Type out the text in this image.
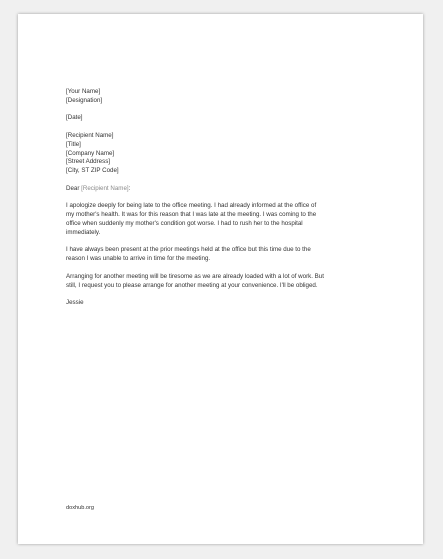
[Your Name]
[Designation]
[Date]
[Recipient Name]
[Title]
[Company Name]
[Street Address]
[City, ST ZIP Code]
Dear [Recipient Name]:
I apologize deeply for being late to the office meeting. I had already informed at the office of
my mother's health. It was for this reason that I was late at the meeting. I was coming to the
office when suddenly my mother's condition got worse. I had to rush her to the hospital
immediately.
I have always been present at the prior meetings held at the office but this time due to the
reason I was unable to arrive in time for the meeting.
Arranging for another meeting will be tiresome as we are already loaded with a lot of work. But
still, I request you to please arrange for another meeting at your convenience. I'll be obliged.
Jessie
doxhub.org
